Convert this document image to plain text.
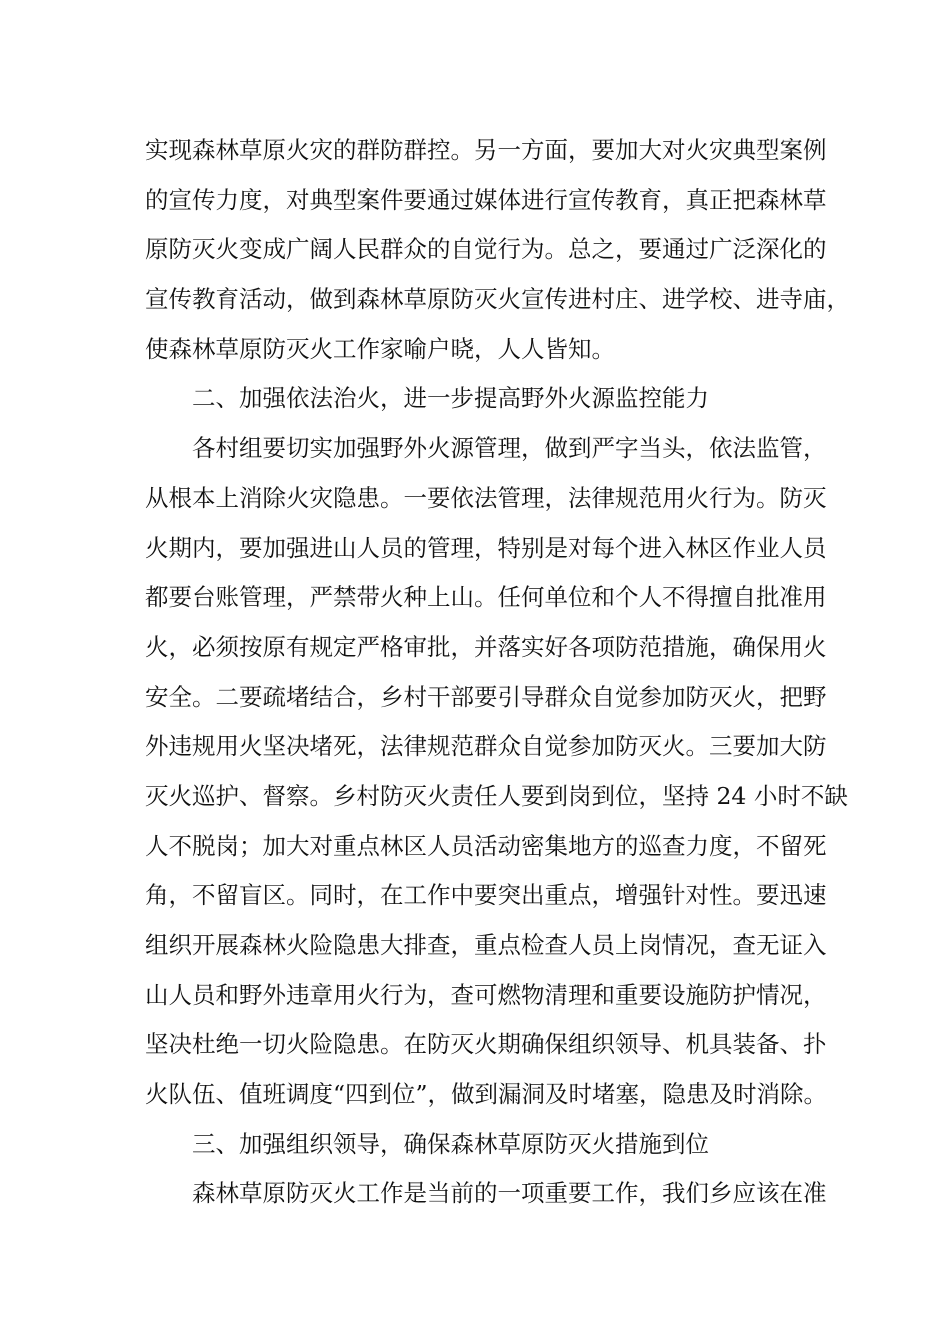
实现森林草原火灾的群防群控。另一方面，要加大对火灾典型案例
的宣传力度，对典型案件要通过媒体进行宣传教育，真正把森林草
原防灭火变成广阔人民群众的自觉行为。总之，要通过广泛深化的
宣传教育活动，做到森林草原防灭火宣传进村庄、进学校、进寺庙，
使森林草原防灭火工作家喻户晓，人人皆知。
二、加强依法治火，进一步提高野外火源监控能力
各村组要切实加强野外火源管理，做到严字当头，依法监管，
从根本上消除火灾隐患。一要依法管理，法律规范用火行为。防灭
火期内，要加强进山人员的管理，特别是对每个进入林区作业人员
都要台账管理，严禁带火种上山。任何单位和个人不得擅自批准用
火，必须按原有规定严格审批，并落实好各项防范措施，确保用火
安全。二要疏堵结合，乡村干部要引导群众自觉参加防灭火，把野
外违规用火坚决堵死，法律规范群众自觉参加防灭火。三要加大防
灭火巡护、督察。乡村防灭火责任人要到岗到位，坚持 24 小时不缺
人不脱岗；加大对重点林区人员活动密集地方的巡查力度，不留死
角，不留盲区。同时，在工作中要突出重点，增强针对性。要迅速
组织开展森林火险隐患大排查，重点检查人员上岗情况，查无证入
山人员和野外违章用火行为，查可燃物清理和重要设施防护情况，
坚决杜绝一切火险隐患。在防灭火期确保组织领导、机具装备、扑
火队伍、值班调度“四到位”，做到漏洞及时堵塞，隐患及时消除。
三、加强组织领导，确保森林草原防灭火措施到位
森林草原防灭火工作是当前的一项重要工作，我们乡应该在准
